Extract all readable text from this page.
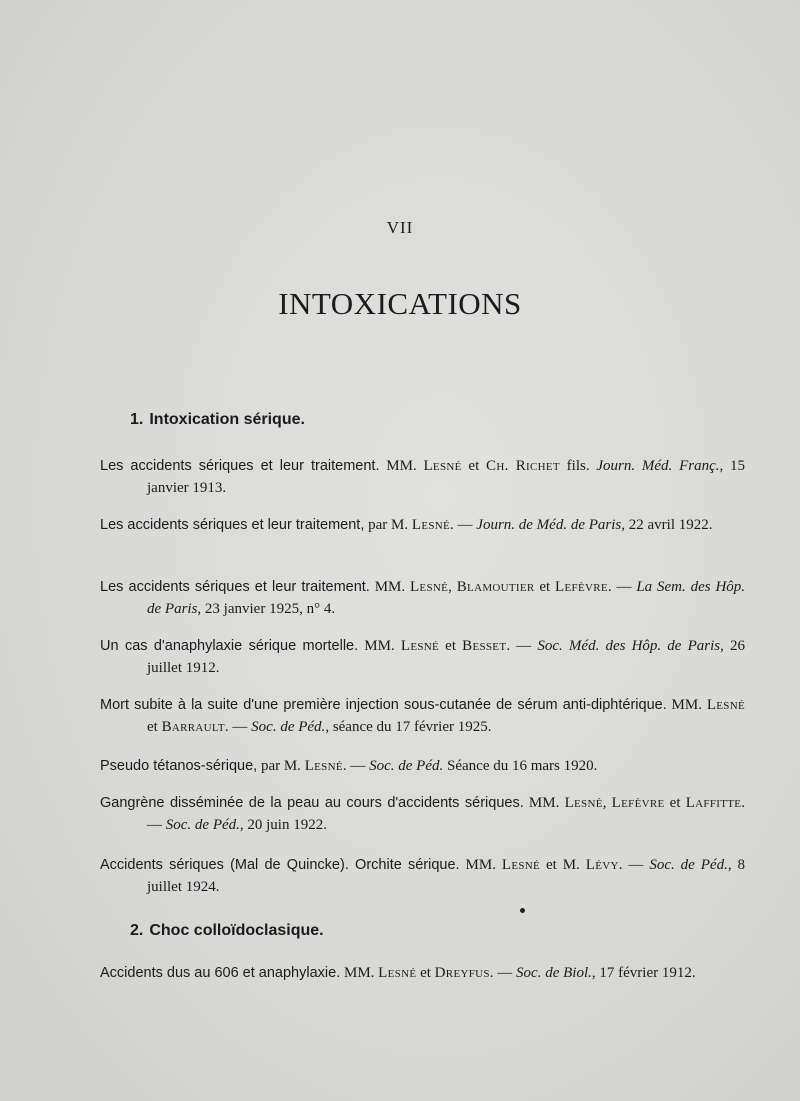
VII
INTOXICATIONS
1. Intoxication sérique.
Les accidents sériques et leur traitement. MM. Lesné et Ch. Richet fils. Journ. Méd. Franç., 15 janvier 1913.
Les accidents sériques et leur traitement, par M. Lesné. — Journ. de Méd. de Paris, 22 avril 1922.
Les accidents sériques et leur traitement. MM. Lesné, Blamoutier et Lefèvre. — La Sem. des Hôp. de Paris, 23 janvier 1925, n° 4.
Un cas d'anaphylaxie sérique mortelle. MM. Lesné et Besset. — Soc. Méd. des Hôp. de Paris, 26 juillet 1912.
Mort subite à la suite d'une première injection sous-cutanée de sérum anti-diphtérique. MM. Lesné et Barrault. — Soc. de Péd., séance du 17 février 1925.
Pseudo tétanos-sérique, par M. Lesné. — Soc. de Péd. Séance du 16 mars 1920.
Gangrène disséminée de la peau au cours d'accidents sériques. MM. Lesné, Lefèvre et Laffitte. — Soc. de Péd., 20 juin 1922.
Accidents sériques (Mal de Quincke). Orchite sérique. MM. Lesné et M. Lévy. — Soc. de Péd., 8 juillet 1924.
2. Choc colloïdoclasique.
Accidents dus au 606 et anaphylaxie. MM. Lesné et Dreyfus. — Soc. de Biol., 17 février 1912.
